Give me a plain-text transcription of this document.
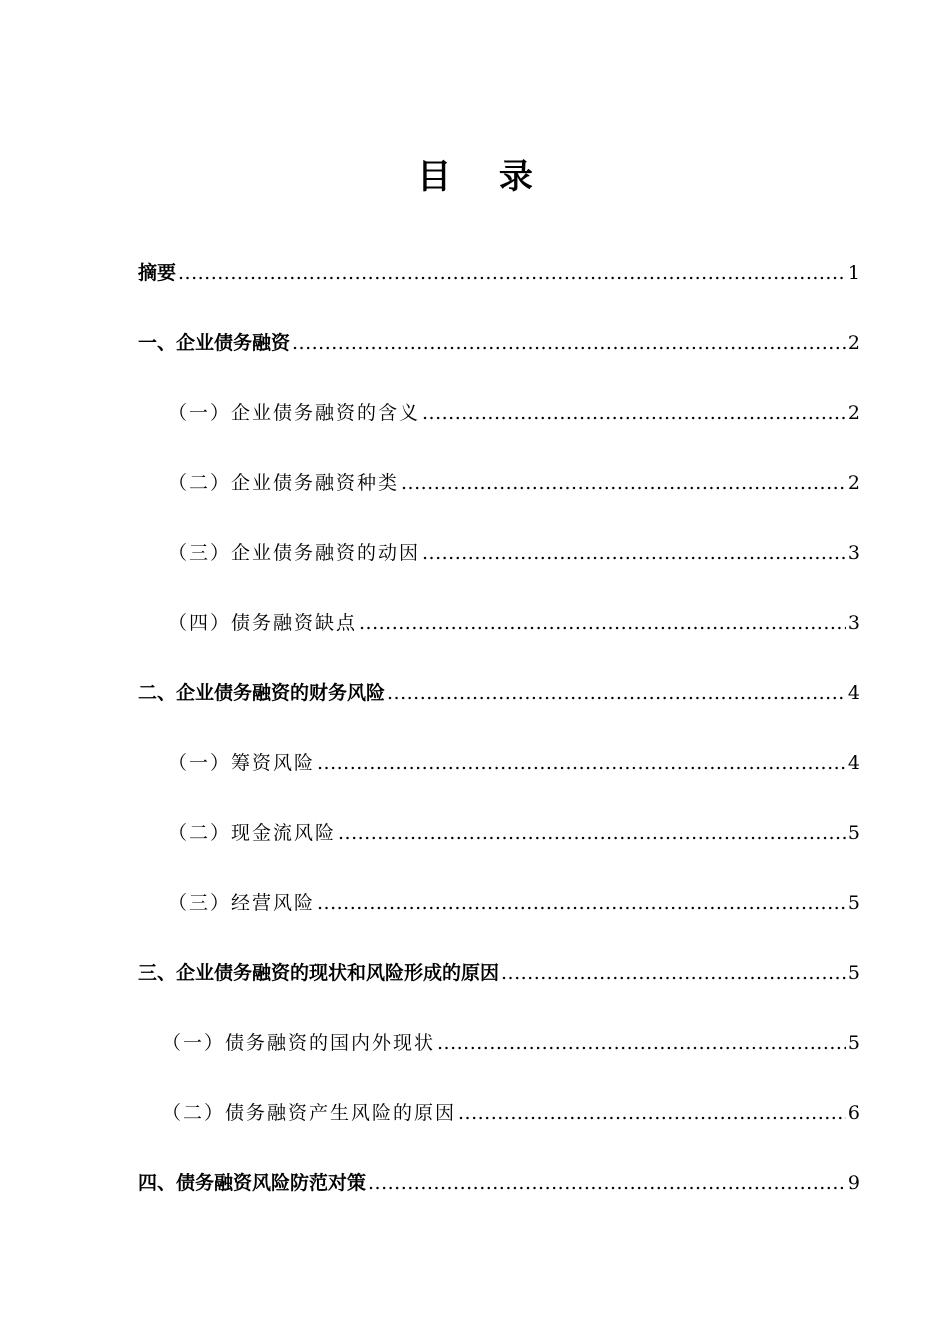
目 录
摘要 .....	1
一、企业债务融资 .....	2
（一）企业债务融资的含义 .....	2
（二）企业债务融资种类 .....	2
（三）企业债务融资的动因 .....	3
（四）债务融资缺点 .....	3
二、企业债务融资的财务风险 .....	4
（一）筹资风险 .....	4
（二）现金流风险 .....	5
（三）经营风险 .....	5
三、企业债务融资的现状和风险形成的原因 .....	5
（一）债务融资的国内外现状 .....	5
（二）债务融资产生风险的原因 .....	6
四、债务融资风险防范对策 .....	9
